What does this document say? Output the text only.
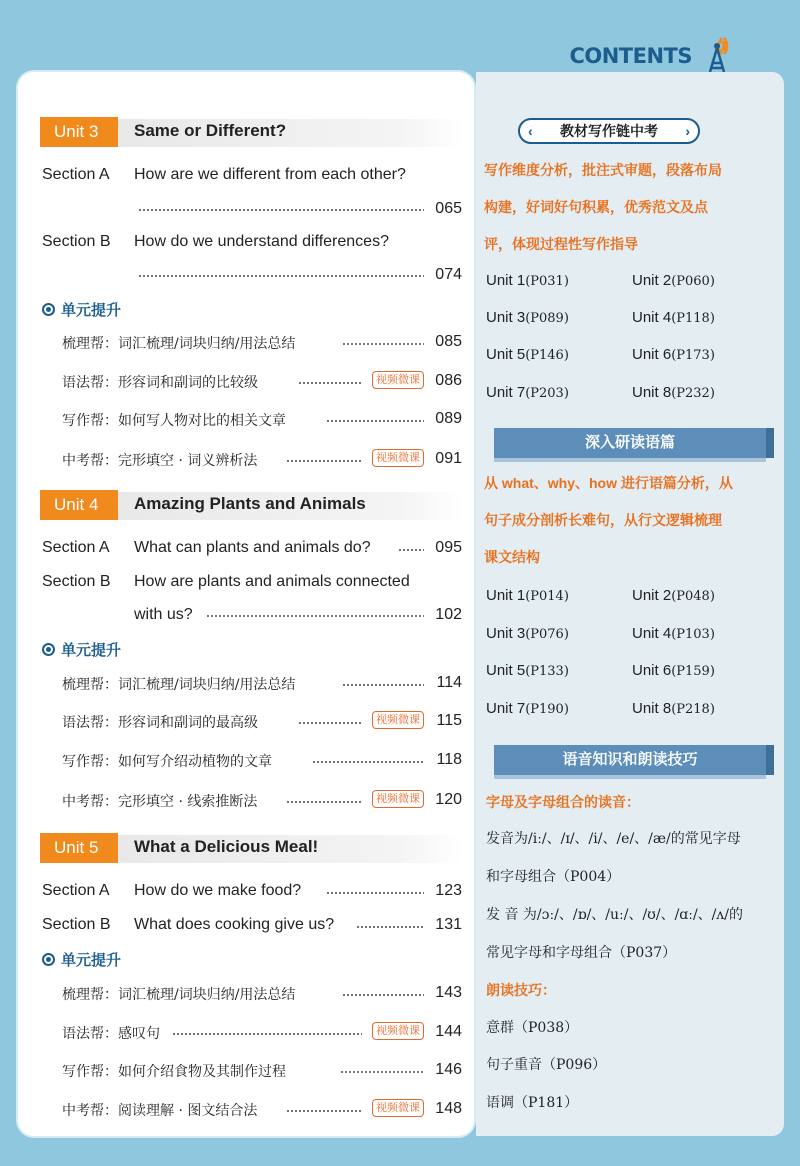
CONTENTS
Unit 3	Same or Different?
Section A How are we different from each other?
065
Section B How do we understand differences?
074
单元提升
梳理帮：词汇梳理/词块归纳/用法总结	085
语法帮：形容词和副词的比较级	视频微课 086
写作帮：如何写人物对比的相关文章	089
中考帮：完形填空 · 词义辨析法	视频微课 091
Unit 4	Amazing Plants and Animals
Section A What can plants and animals do?	095
Section B How are plants and animals connected
with us?	102
单元提升
梳理帮：词汇梳理/词块归纳/用法总结	114
语法帮：形容词和副词的最高级	视频微课 115
写作帮：如何写介绍动植物的文章	118
中考帮：完形填空 · 线索推断法	视频微课 120
Unit 5	What a Delicious Meal!
Section A How do we make food?	123
Section B What does cooking give us?	131
单元提升
梳理帮：词汇梳理/词块归纳/用法总结	143
语法帮：感叹句	视频微课 144
写作帮：如何介绍食物及其制作过程	146
中考帮：阅读理解 · 图文结合法	视频微课 148
‹ 教材写作链中考 ›
写作维度分析，批注式审题，段落布局
构建，好词好句积累，优秀范文及点
评，体现过程性写作指导
Unit 1(P031)	Unit 2(P060)
Unit 3(P089)	Unit 4(P118)
Unit 5(P146)	Unit 6(P173)
Unit 7(P203)	Unit 8(P232)
深入研读语篇
从 what、why、how 进行语篇分析，从
句子成分剖析长难句，从行文逻辑梳理
课文结构
Unit 1(P014)	Unit 2(P048)
Unit 3(P076)	Unit 4(P103)
Unit 5(P133)	Unit 6(P159)
Unit 7(P190)	Unit 8(P218)
语音知识和朗读技巧
字母及字母组合的读音：
发音为/iː/、/ɪ/、/i/、/e/、/æ/的常见字母
和字母组合（P004）
发 音 为/ɔː/、/ɒ/、/uː/、/ʊ/、/ɑː/、/ʌ/的
常见字母和字母组合（P037）
朗读技巧：
意群（P038）
句子重音（P096）
语调（P181）
